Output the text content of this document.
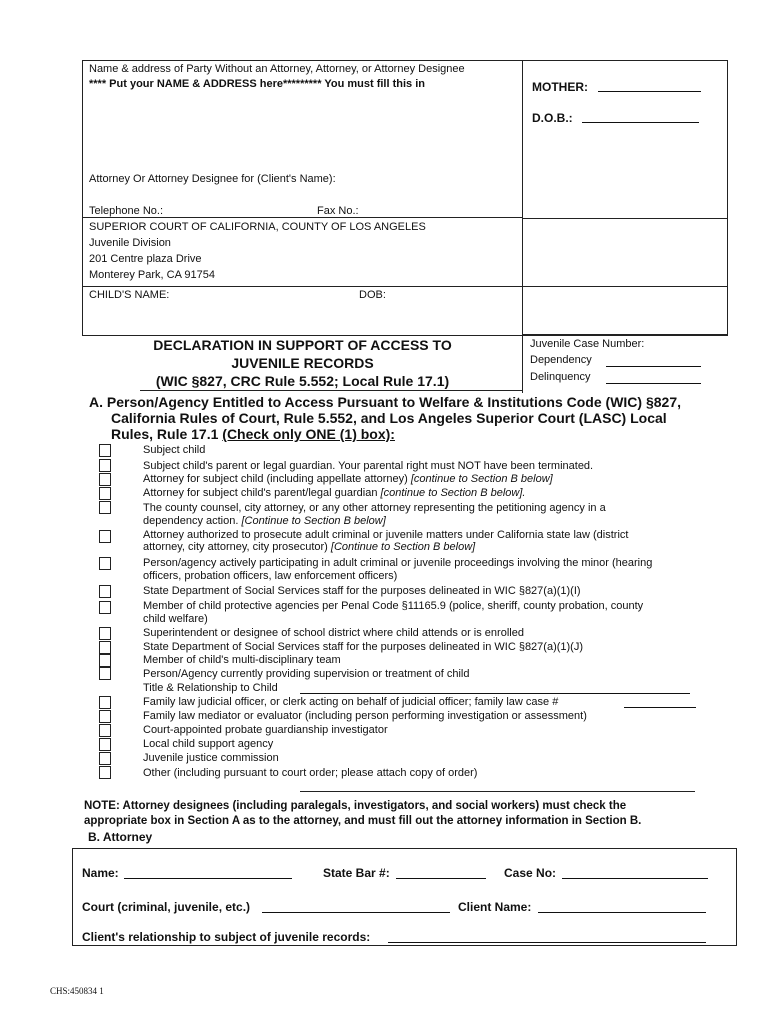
Name & address of Party Without an Attorney, Attorney, or Attorney Designee
**** Put your NAME & ADDRESS here********* You must fill this in	MOTHER:
D.O.B.:
Attorney Or Attorney Designee for (Client's Name):
Telephone No.:	Fax No.:
SUPERIOR COURT OF CALIFORNIA, COUNTY OF LOS ANGELES
Juvenile Division
201 Centre plaza Drive
Monterey Park, CA 91754
CHILD'S NAME:	DOB:
DECLARATION IN SUPPORT OF ACCESS TO
JUVENILE RECORDS
(WIC §827, CRC Rule 5.552; Local Rule 17.1)
Juvenile Case Number:
Dependency
Delinquency
A. Person/Agency Entitled to Access Pursuant to Welfare & Institutions Code (WIC) §827,
California Rules of Court, Rule 5.552, and Los Angeles Superior Court (LASC) Local
Rules, Rule 17.1 (Check only ONE (1) box):
Subject child
Subject child's parent or legal guardian. Your parental right must NOT have been terminated.
Attorney for subject child (including appellate attorney) [continue to Section B below]
Attorney for subject child's parent/legal guardian [continue to Section B below].
The county counsel, city attorney, or any other attorney representing the petitioning agency in a
dependency action. [Continue to Section B below]
Attorney authorized to prosecute adult criminal or juvenile matters under California state law (district
attorney, city attorney, city prosecutor) [Continue to Section B below]
Person/agency actively participating in adult criminal or juvenile proceedings involving the minor (hearing
officers, probation officers, law enforcement officers)
State Department of Social Services staff for the purposes delineated in WIC §827(a)(1)(I)
Member of child protective agencies per Penal Code §11165.9 (police, sheriff, county probation, county
child welfare)
Superintendent or designee of school district where child attends or is enrolled
State Department of Social Services staff for the purposes delineated in WIC §827(a)(1)(J)
Member of child's multi-disciplinary team
Person/Agency currently providing supervision or treatment of child
Title & Relationship to Child
Family law judicial officer, or clerk acting on behalf of judicial officer; family law case #
Family law mediator or evaluator (including person performing investigation or assessment)
Court-appointed probate guardianship investigator
Local child support agency
Juvenile justice commission
Other (including pursuant to court order; please attach copy of order)
NOTE: Attorney designees (including paralegals, investigators, and social workers) must check the
appropriate box in Section A as to the attorney, and must fill out the attorney information in Section B.
B. Attorney
Name:	State Bar #:	Case No:
Court (criminal, juvenile, etc.)	Client Name:
Client's relationship to subject of juvenile records:
CHS:450834 1
